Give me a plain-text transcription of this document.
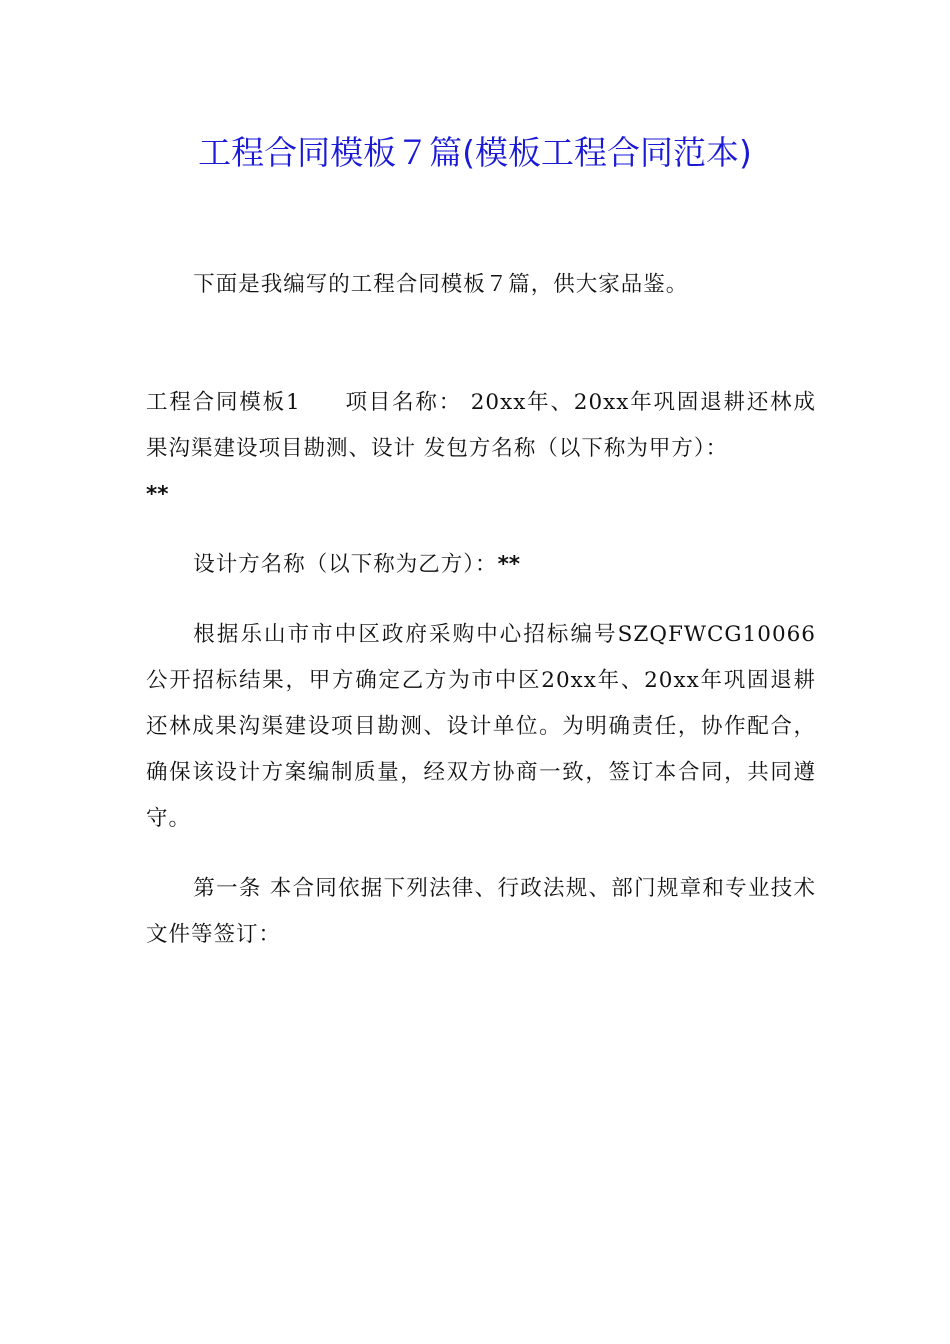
工程合同模板７篇(模板工程合同范本)

下面是我编写的工程合同模板７篇，供大家品鉴。

工程合同模板1 项目名称： 20xx年、20xx年巩固退耕还林成果沟渠建设项目勘测、设计 发包方名称（以下称为甲方）：
**

设计方名称（以下称为乙方）：**

根据乐山市市中区政府采购中心招标编号SZQFWCG10066公开招标结果，甲方确定乙方为市中区20xx年、20xx年巩固退耕还林成果沟渠建设项目勘测、设计单位。为明确责任，协作配合，确保该设计方案编制质量，经双方协商一致，签订本合同，共同遵守。

第一条 本合同依据下列法律、行政法规、部门规章和专业技术文件等签订：
